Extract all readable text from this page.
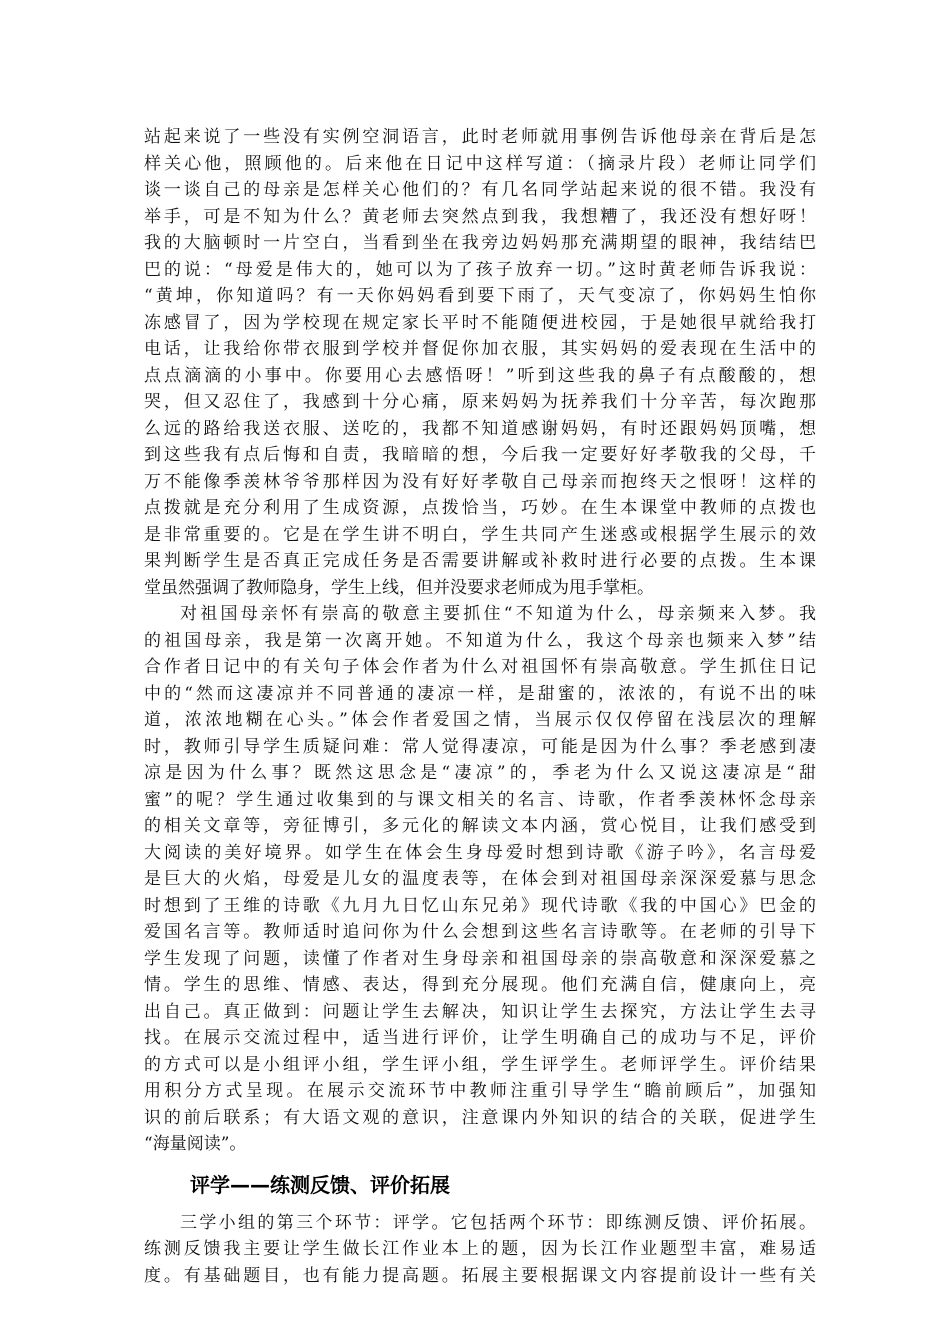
站起来说了一些没有实例空洞语言，此时老师就用事例告诉他母亲在背后是怎
样关心他，照顾他的。后来他在日记中这样写道：（摘录片段）老师让同学们
谈一谈自己的母亲是怎样关心他们的？有几名同学站起来说的很不错。我没有
举手，可是不知为什么？黄老师去突然点到我，我想糟了，我还没有想好呀！
我的大脑顿时一片空白，当看到坐在我旁边妈妈那充满期望的眼神，我结结巴
巴的说：“母爱是伟大的，她可以为了孩子放弃一切。”这时黄老师告诉我说：
“黄坤，你知道吗？有一天你妈妈看到要下雨了，天气变凉了，你妈妈生怕你
冻感冒了，因为学校现在规定家长平时不能随便进校园，于是她很早就给我打
电话，让我给你带衣服到学校并督促你加衣服，其实妈妈的爱表现在生活中的
点点滴滴的小事中。你要用心去感悟呀！”听到这些我的鼻子有点酸酸的，想
哭，但又忍住了，我感到十分心痛，原来妈妈为抚养我们十分辛苦，每次跑那
么远的路给我送衣服、送吃的，我都不知道感谢妈妈，有时还跟妈妈顶嘴，想
到这些我有点后悔和自责，我暗暗的想，今后我一定要好好孝敬我的父母，千
万不能像季羡林爷爷那样因为没有好好孝敬自己母亲而抱终天之恨呀！这样的
点拨就是充分利用了生成资源，点拨恰当，巧妙。在生本课堂中教师的点拨也
是非常重要的。它是在学生讲不明白，学生共同产生迷惑或根据学生展示的效
果判断学生是否真正完成任务是否需要讲解或补救时进行必要的点拨。生本课
堂虽然强调了教师隐身，学生上线，但并没要求老师成为甩手掌柜。
对祖国母亲怀有崇高的敬意主要抓住“不知道为什么，母亲频来入梦。我
的祖国母亲，我是第一次离开她。不知道为什么，我这个母亲也频来入梦”结
合作者日记中的有关句子体会作者为什么对祖国怀有崇高敬意。学生抓住日记
中的“然而这凄凉并不同普通的凄凉一样，是甜蜜的，浓浓的，有说不出的味
道，浓浓地糊在心头。”体会作者爱国之情，当展示仅仅停留在浅层次的理解
时，教师引导学生质疑问难：常人觉得凄凉，可能是因为什么事？季老感到凄
凉是因为什么事？既然这思念是“凄凉”的，季老为什么又说这凄凉是“甜
蜜”的呢？学生通过收集到的与课文相关的名言、诗歌，作者季羡林怀念母亲
的相关文章等，旁征博引，多元化的解读文本内涵，赏心悦目，让我们感受到
大阅读的美好境界。如学生在体会生身母爱时想到诗歌《游子吟》，名言母爱
是巨大的火焰，母爱是儿女的温度表等，在体会到对祖国母亲深深爱慕与思念
时想到了王维的诗歌《九月九日忆山东兄弟》现代诗歌《我的中国心》巴金的
爱国名言等。教师适时追问你为什么会想到这些名言诗歌等。在老师的引导下
学生发现了问题，读懂了作者对生身母亲和祖国母亲的崇高敬意和深深爱慕之
情。学生的思维、情感、表达，得到充分展现。他们充满自信，健康向上，亮
出自己。真正做到：问题让学生去解决，知识让学生去探究，方法让学生去寻
找。在展示交流过程中，适当进行评价，让学生明确自己的成功与不足，评价
的方式可以是小组评小组，学生评小组，学生评学生。老师评学生。评价结果
用积分方式呈现。在展示交流环节中教师注重引导学生“瞻前顾后”，加强知
识的前后联系；有大语文观的意识，注意课内外知识的结合的关联，促进学生
“海量阅读”。
评学——练测反馈、评价拓展
三学小组的第三个环节：评学。它包括两个环节：即练测反馈、评价拓展。
练测反馈我主要让学生做长江作业本上的题，因为长江作业题型丰富，难易适
度。有基础题目，也有能力提高题。拓展主要根据课文内容提前设计一些有关
